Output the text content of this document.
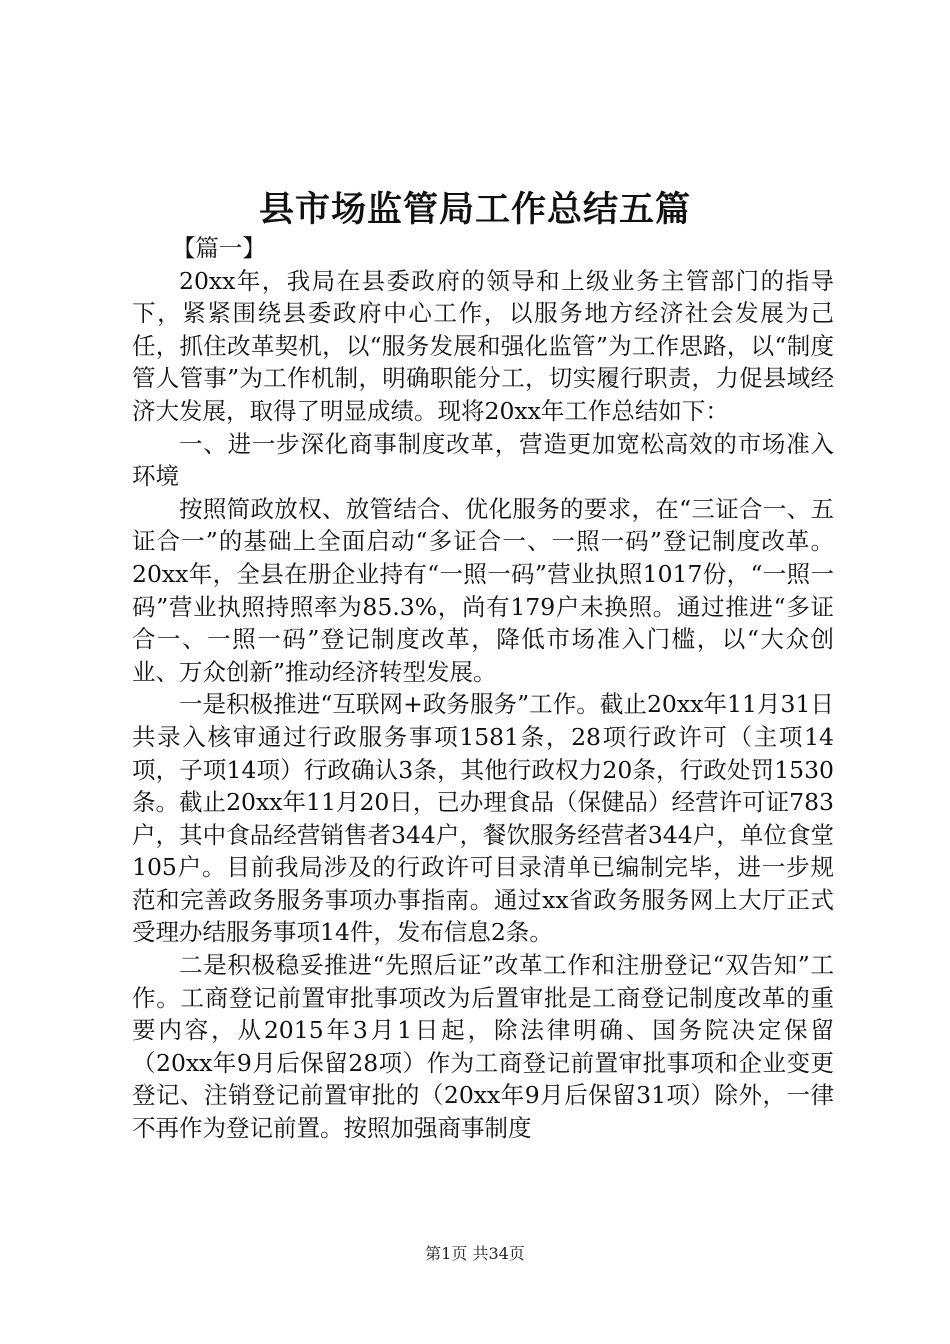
县市场监管局工作总结五篇

【篇一】

20xx年，我局在县委政府的领导和上级业务主管部门的指导下，紧紧围绕县委政府中心工作，以服务地方经济社会发展为己任，抓住改革契机，以“服务发展和强化监管”为工作思路，以“制度管人管事”为工作机制，明确职能分工，切实履行职责，力促县域经济大发展，取得了明显成绩。现将20xx年工作总结如下：

一、进一步深化商事制度改革，营造更加宽松高效的市场准入环境

按照简政放权、放管结合、优化服务的要求，在“三证合一、五证合一”的基础上全面启动“多证合一、一照一码”登记制度改革。20xx年，全县在册企业持有“一照一码”营业执照1017份，“一照一码”营业执照持照率为85.3%，尚有179户未换照。通过推进“多证合一、一照一码”登记制度改革，降低市场准入门槛，以“大众创业、万众创新”推动经济转型发展。

一是积极推进“互联网+政务服务”工作。截止20xx年11月31日共录入核审通过行政服务事项1581条，28项行政许可（主项14项，子项14项）行政确认3条，其他行政权力20条，行政处罚1530条。截止20xx年11月20日，已办理食品（保健品）经营许可证783户，其中食品经营销售者344户，餐饮服务经营者344户，单位食堂105户。目前我局涉及的行政许可目录清单已编制完毕，进一步规范和完善政务服务事项办事指南。通过xx省政务服务网上大厅正式受理办结服务事项14件，发布信息2条。

二是积极稳妥推进“先照后证”改革工作和注册登记“双告知”工作。工商登记前置审批事项改为后置审批是工商登记制度改革的重要内容，从2015年3月1日起，除法律明确、国务院决定保留（20xx年9月后保留28项）作为工商登记前置审批事项和企业变更登记、注销登记前置审批的（20xx年9月后保留31项）除外，一律不再作为登记前置。按照加强商事制度

第1页 共34页
